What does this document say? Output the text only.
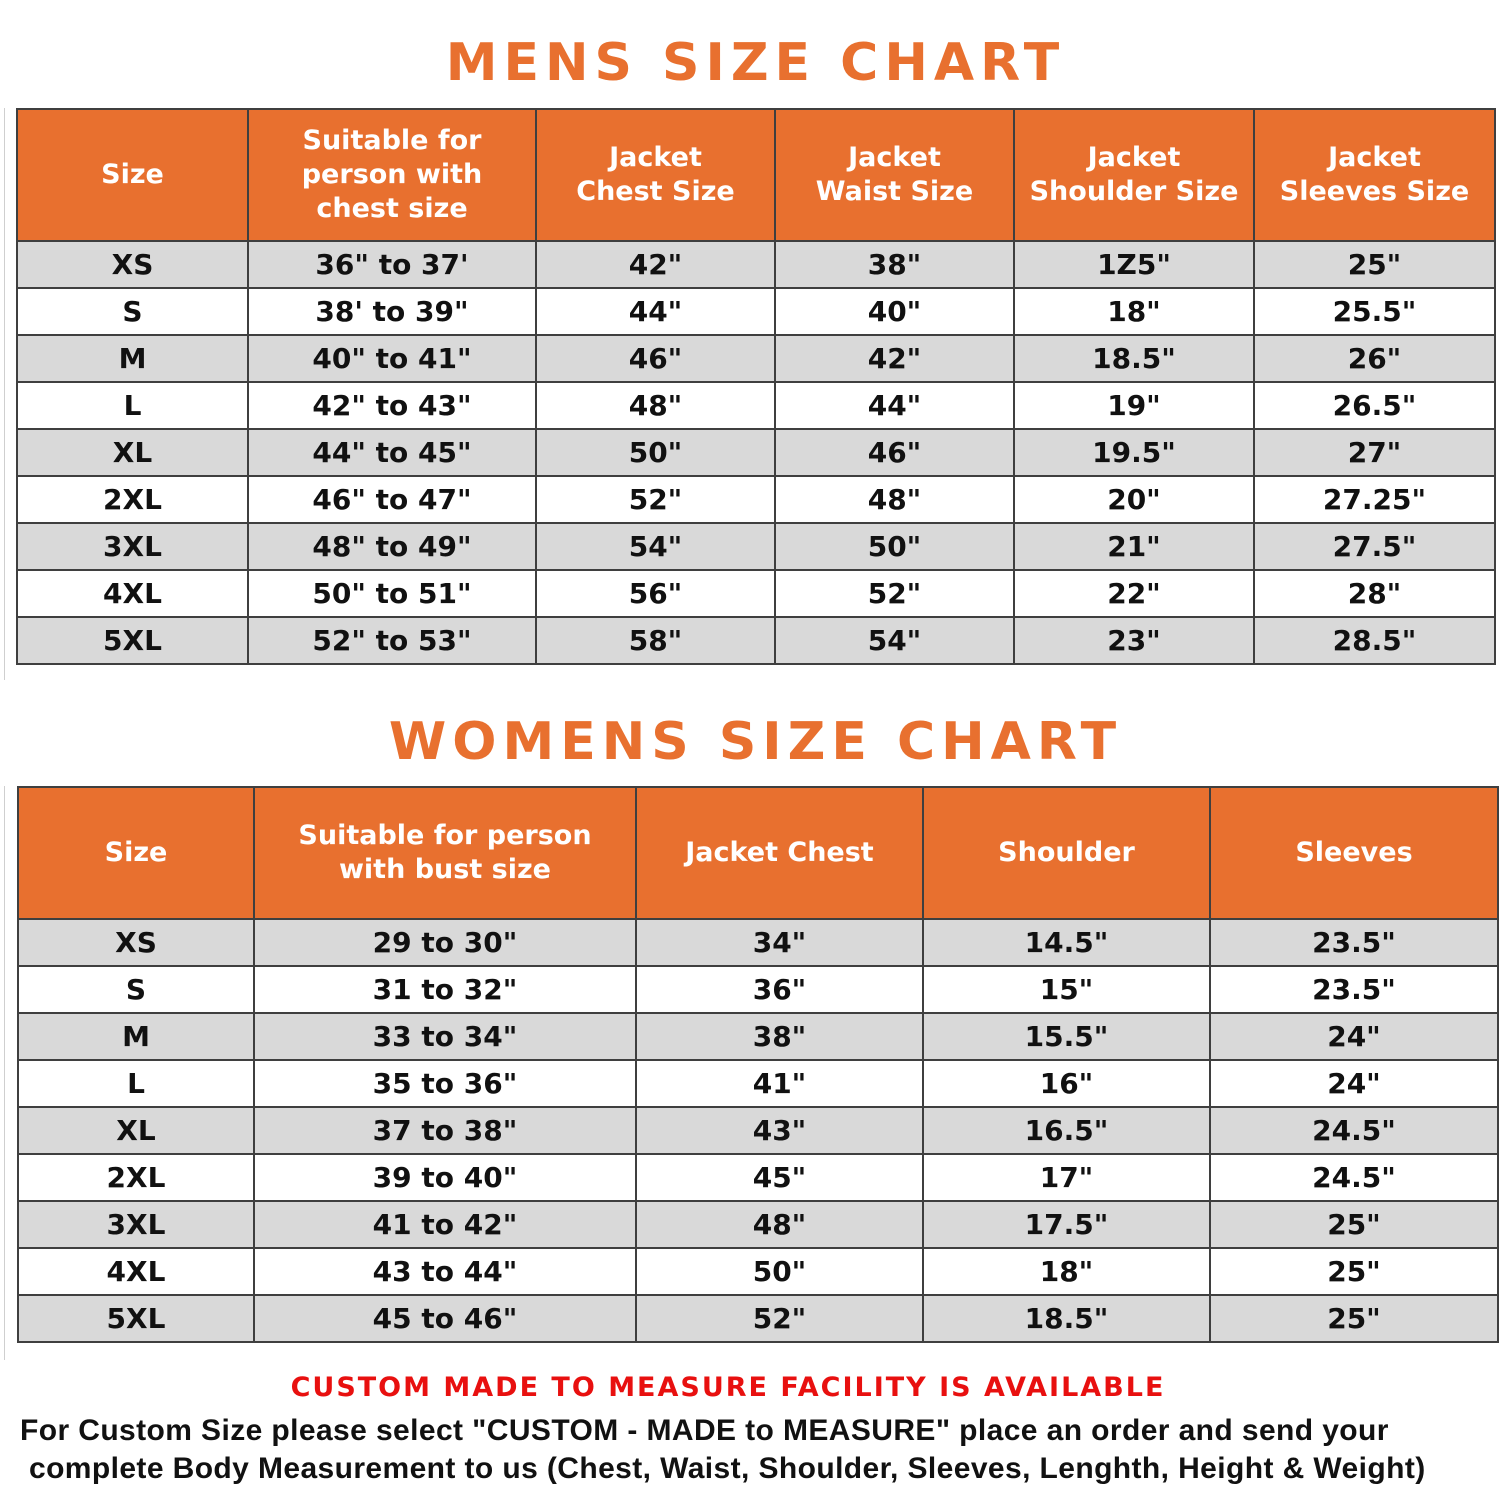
MENS SIZE CHART
Size	Suitable for person with chest size	Jacket Chest Size	Jacket Waist Size	Jacket Shoulder Size	Jacket Sleeves Size
XS	36" to 37'	42"	38"	1Z5"	25"
S	38' to 39"	44"	40"	18"	25.5"
M	40" to 41"	46"	42"	18.5"	26"
L	42" to 43"	48"	44"	19"	26.5"
XL	44" to 45"	50"	46"	19.5"	27"
2XL	46" to 47"	52"	48"	20"	27.25"
3XL	48" to 49"	54"	50"	21"	27.5"
4XL	50" to 51"	56"	52"	22"	28"
5XL	52" to 53"	58"	54"	23"	28.5"
WOMENS SIZE CHART
Size	Suitable for person with bust size	Jacket Chest	Shoulder	Sleeves
XS	29 to 30"	34"	14.5"	23.5"
S	31 to 32"	36"	15"	23.5"
M	33 to 34"	38"	15.5"	24"
L	35 to 36"	41"	16"	24"
XL	37 to 38"	43"	16.5"	24.5"
2XL	39 to 40"	45"	17"	24.5"
3XL	41 to 42"	48"	17.5"	25"
4XL	43 to 44"	50"	18"	25"
5XL	45 to 46"	52"	18.5"	25"

CUSTOM MADE TO MEASURE FACILITY IS AVAILABLE

For Custom Size please select "CUSTOM - MADE to MEASURE" place an order and send your

complete Body Measurement to us (Chest, Waist, Shoulder, Sleeves, Lenghth, Height & Weight)
